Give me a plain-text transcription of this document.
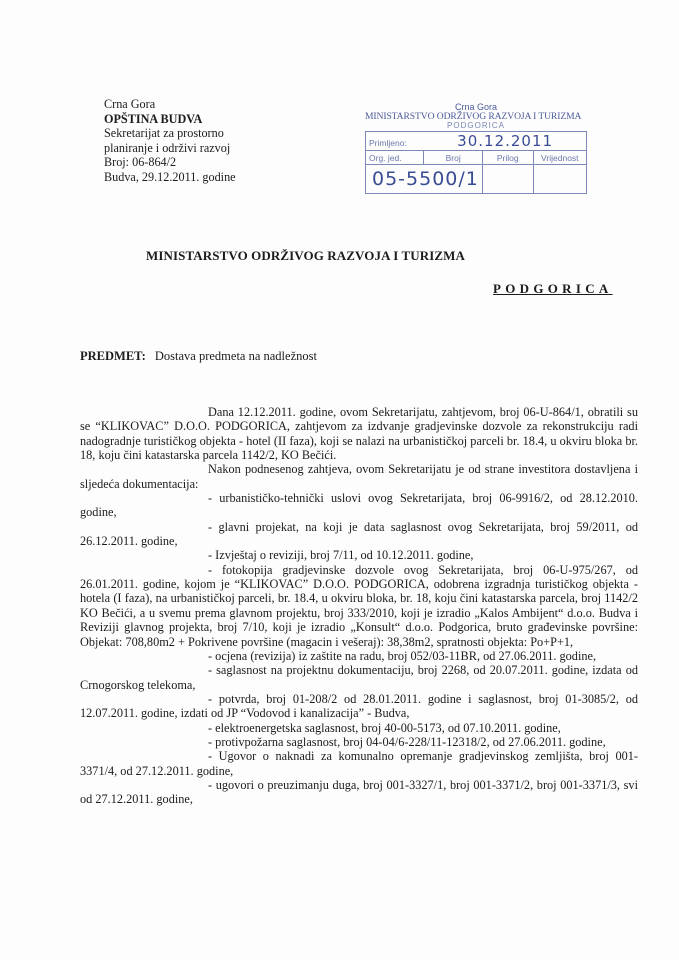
Crna Gora
OPŠTINA BUDVA
Sekretarijat za prostorno
planiranje i održivi razvoj
Broj: 06-864/2
Budva, 29.12.2011. godine
Crna Gora
MINISTARSTVO ODRŽIVOG RAZVOJA I TURIZMA
PODGORICA
Primljeno: 30.12.2011			
Org. jed.	Broj	Prilog	Vrijednost
05-5500/1			
MINISTARSTVO ODRŽIVOG RAZVOJA I TURIZMA
PODGORICA
PREDMET: Dostava predmeta na nadležnost

Dana 12.12.2011. godine, ovom Sekretarijatu, zahtjevom, broj 06-U-864/1, obratili su se “KLIKOVAC” D.O.O. PODGORICA, zahtjevom za izdvanje gradjevinske dozvole za rekonstrukciju radi nadogradnje turističkog objekta - hotel (II faza), koji se nalazi na urbanističkoj parceli br. 18.4, u okviru bloka br. 18, koju čini katastarska parcela 1142/2, KO Bečići.

Nakon podnesenog zahtjeva, ovom Sekretarijatu je od strane investitora dostavljena i sljedeća dokumentacija:

- urbanističko-tehnički uslovi ovog Sekretarijata, broj 06-9916/2, od 28.12.2010. godine,

- glavni projekat, na koji je data saglasnost ovog Sekretarijata, broj 59/2011, od 26.12.2011. godine,

- Izvještaj o reviziji, broj 7/11, od 10.12.2011. godine,

- fotokopija gradjevinske dozvole ovog Sekretarijata, broj 06-U-975/267, od 26.01.2011. godine, kojom je “KLIKOVAC” D.O.O. PODGORICA, odobrena izgradnja turističkog objekta - hotela (I faza), na urbanističkoj parceli, br. 18.4, u okviru bloka, br. 18, koju čini katastarska parcela, broj 1142/2 KO Bečići, a u svemu prema glavnom projektu, broj 333/2010, koji je izradio „Kalos Ambijent“ d.o.o. Budva i Reviziji glavnog projekta, broj 7/10, koji je izradio „Konsult“ d.o.o. Podgorica, bruto građevinske površine: Objekat: 708,80m2 + Pokrivene površine (magacin i vešeraj): 38,38m2, spratnosti objekta: Po+P+1,

- ocjena (revizija) iz zaštite na radu, broj 052/03-11BR, od 27.06.2011. godine,

- saglasnost na projektnu dokumentaciju, broj 2268, od 20.07.2011. godine, izdata od Crnogorskog telekoma,

- potvrda, broj 01-208/2 od 28.01.2011. godine i saglasnost, broj 01-3085/2, od 12.07.2011. godine, izdati od JP “Vodovod i kanalizacija” - Budva,

- elektroenergetska saglasnost, broj 40-00-5173, od 07.10.2011. godine,

- protivpožarna saglasnost, broj 04-04/6-228/11-12318/2, od 27.06.2011. godine,

- Ugovor o naknadi za komunalno opremanje gradjevinskog zemljišta, broj 001-3371/4, od 27.12.2011. godine,

- ugovori o preuzimanju duga, broj 001-3327/1, broj 001-3371/2, broj 001-3371/3, svi od 27.12.2011. godine,
